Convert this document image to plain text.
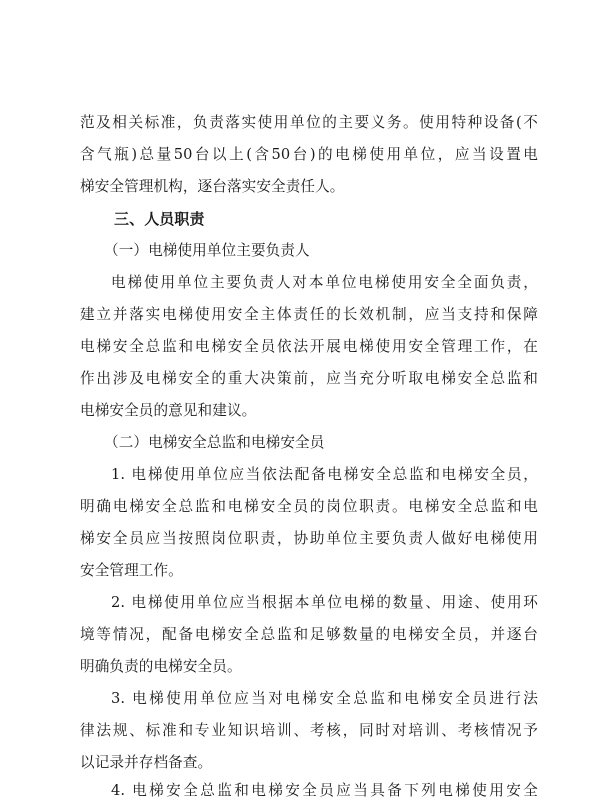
范及相关标准，负责落实使用单位的主要义务。使用特种设备(不
含气瓶)总量50台以上(含50台)的电梯使用单位，应当设置电
梯安全管理机构，逐台落实安全责任人。
三、人员职责
（一）电梯使用单位主要负责人
电梯使用单位主要负责人对本单位电梯使用安全全面负责，
建立并落实电梯使用安全主体责任的长效机制，应当支持和保障
电梯安全总监和电梯安全员依法开展电梯使用安全管理工作，在
作出涉及电梯安全的重大决策前，应当充分听取电梯安全总监和
电梯安全员的意见和建议。
（二）电梯安全总监和电梯安全员
1. 电梯使用单位应当依法配备电梯安全总监和电梯安全员，
明确电梯安全总监和电梯安全员的岗位职责。电梯安全总监和电
梯安全员应当按照岗位职责，协助单位主要负责人做好电梯使用
安全管理工作。
2. 电梯使用单位应当根据本单位电梯的数量、用途、使用环
境等情况，配备电梯安全总监和足够数量的电梯安全员，并逐台
明确负责的电梯安全员。
3. 电梯使用单位应当对电梯安全总监和电梯安全员进行法
律法规、标准和专业知识培训、考核，同时对培训、考核情况予
以记录并存档备查。
4. 电梯安全总监和电梯安全员应当具备下列电梯使用安全
